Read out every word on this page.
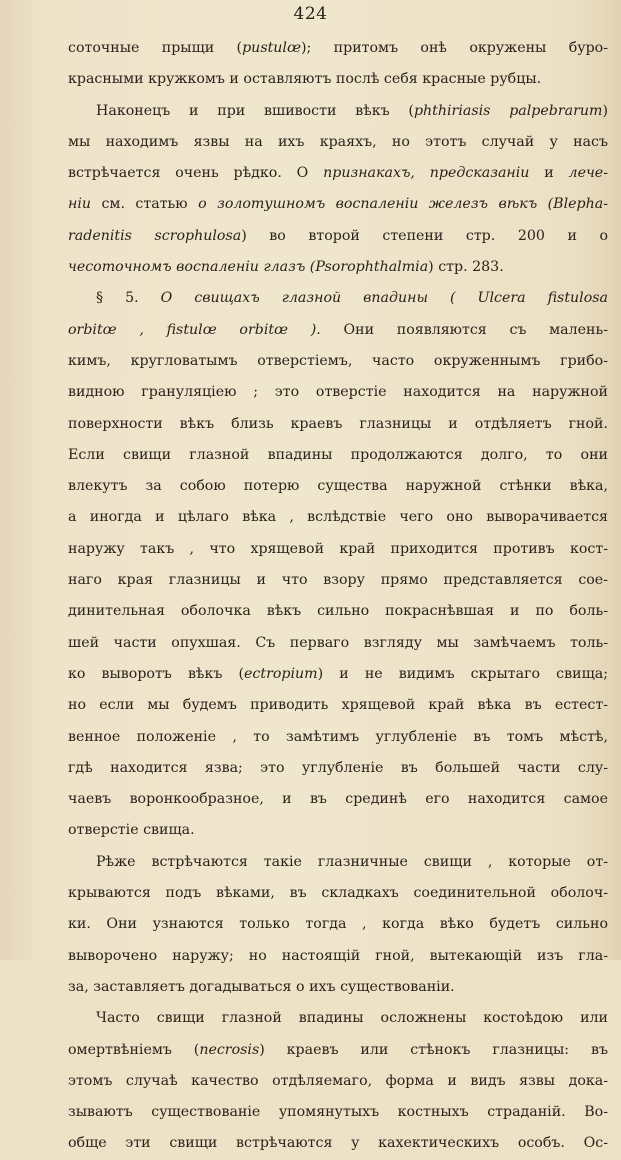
424
соточные прыщи (pustulœ); притомъ онѣ окружены буро-
красными кружкомъ и оставляютъ послѣ себя красные рубцы.
Наконецъ и при вшивости вѣкъ (phthiriasis palpebrarum)
мы находимъ язвы на ихъ краяхъ, но этотъ случай у насъ
встрѣчается очень рѣдко. О признакахъ, предсказаніи и лече-
ніи см. статью о золотушномъ воспаленіи железъ вѣкъ (Blepha-
radenitis scrophulosa) во второй степени стр. 200 и о
чесоточномъ воспаленіи глазъ (Psorophthalmia) стр. 283.
§ 5. О свищахъ глазной впадины ( Ulcera fistulosa
orbitœ , fistulœ orbitœ ). Они появляются съ малень-
кимъ, кругловатымъ отверстіемъ, часто окруженнымъ грибо-
видною грануляціею ; это отверстіе находится на наружной
поверхности вѣкъ близь краевъ глазницы и отдѣляетъ гной.
Если свищи глазной впадины продолжаются долго, то они
влекутъ за собою потерю существа наружной стѣнки вѣка,
а иногда и цѣлаго вѣка , вслѣдствіе чего оно выворачивается
наружу такъ , что хрящевой край приходится противъ кост-
наго края глазницы и что взору прямо представляется сое-
динительная оболочка вѣкъ сильно покраснѣвшая и по боль-
шей части опухшая. Съ перваго взгляду мы замѣчаемъ толь-
ко выворотъ вѣкъ (ectropium) и не видимъ скрытаго свища;
но если мы будемъ приводить хрящевой край вѣка въ естест-
венное положеніе , то замѣтимъ углубленіе въ томъ мѣстѣ,
гдѣ находится язва; это углубленіе въ большей части слу-
чаевъ воронкообразное, и въ срединѣ его находится самое
отверстіе свища.
Рѣже встрѣчаются такіе глазничные свищи , которые от-
крываются подъ вѣками, въ складкахъ соединительной оболоч-
ки. Они узнаются только тогда , когда вѣко будетъ сильно
выворочено наружу; но настоящій гной, вытекающій изъ гла-
за, заставляетъ догадываться о ихъ существованіи.
Часто свищи глазной впадины осложнены костоѣдою или
омертвѣніемъ (necrosis) краевъ или стѣнокъ глазницы: въ
этомъ случаѣ качество отдѣляемаго, форма и видъ язвы дока-
зываютъ существованіе упомянутыхъ костныхъ страданій. Во-
обще эти свищи встрѣчаются у кахектическихъ особъ. Ос-
